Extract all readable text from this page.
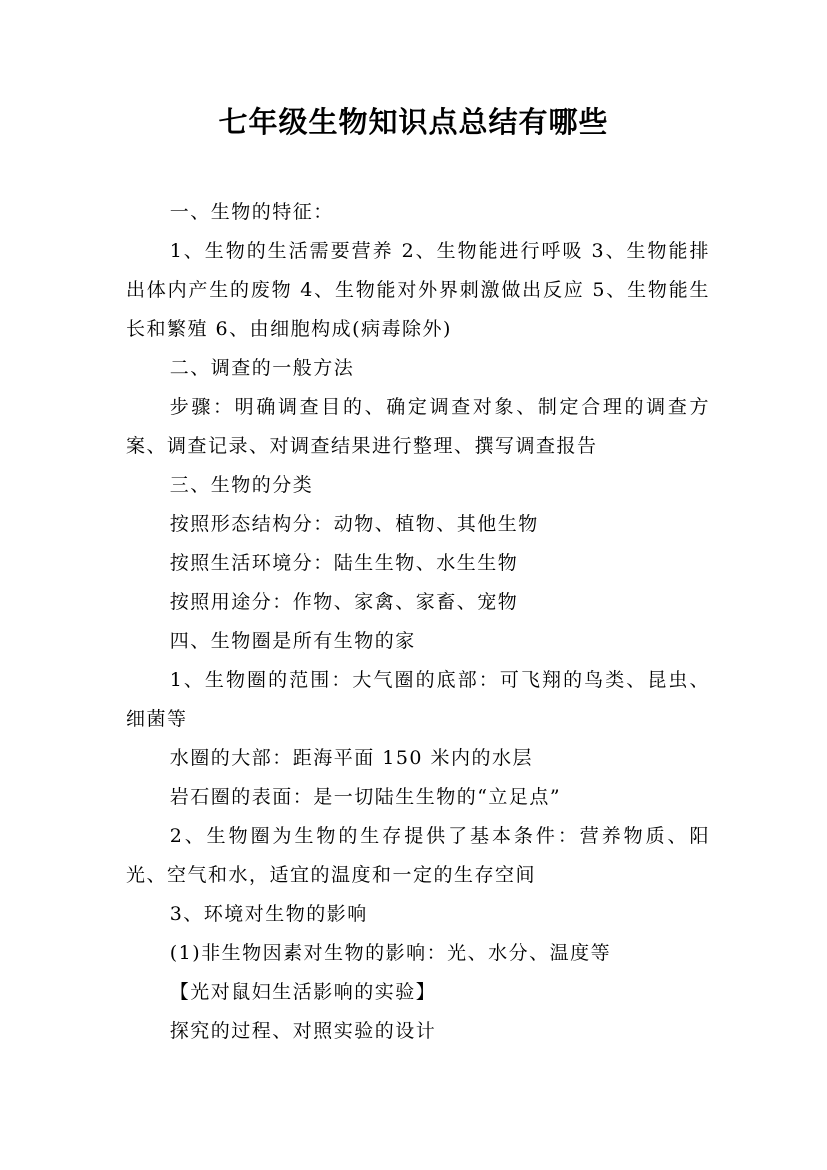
七年级生物知识点总结有哪些

一、生物的特征：

1、生物的生活需要营养 2、生物能进行呼吸 3、生物能排出体内产生的废物 4、生物能对外界刺激做出反应 5、生物能生长和繁殖 6、由细胞构成(病毒除外)

二、调查的一般方法

步骤：明确调查目的、确定调查对象、制定合理的调查方案、调查记录、对调查结果进行整理、撰写调查报告

三、生物的分类

按照形态结构分：动物、植物、其他生物

按照生活环境分：陆生生物、水生生物

按照用途分：作物、家禽、家畜、宠物

四、生物圈是所有生物的家

1、生物圈的范围：大气圈的底部：可飞翔的鸟类、昆虫、细菌等

水圈的大部：距海平面 150 米内的水层

岩石圈的表面：是一切陆生生物的“立足点”

2、生物圈为生物的生存提供了基本条件：营养物质、阳光、空气和水，适宜的温度和一定的生存空间

3、环境对生物的影响

(1)非生物因素对生物的影响：光、水分、温度等

【光对鼠妇生活影响的实验】

探究的过程、对照实验的设计
